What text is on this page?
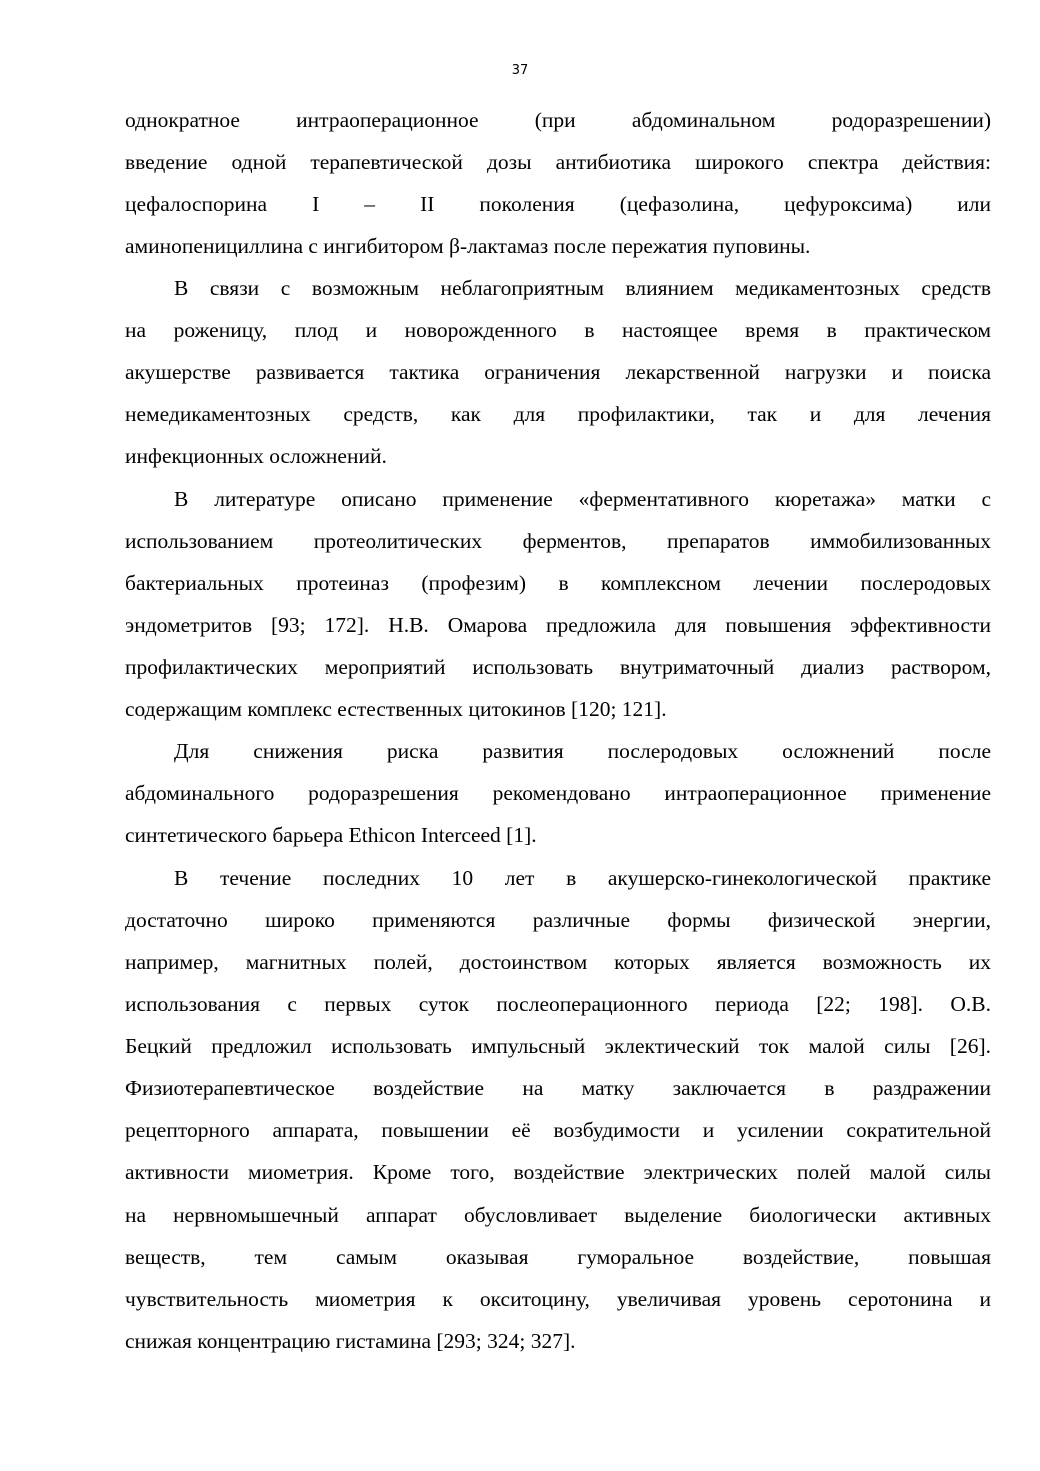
37
однократное интраоперационное (при абдоминальном родоразрешении)
введение одной терапевтической дозы антибиотика широкого спектра действия:
цефалоспорина I – II поколения (цефазолина, цефуроксима) или
аминопенициллина с ингибитором β-лактамаз после пережатия пуповины.
В связи с возможным неблагоприятным влиянием медикаментозных средств
на роженицу, плод и новорожденного в настоящее время в практическом
акушерстве развивается тактика ограничения лекарственной нагрузки и поиска
немедикаментозных средств, как для профилактики, так и для лечения
инфекционных осложнений.
В литературе описано применение «ферментативного кюретажа» матки с
использованием протеолитических ферментов, препаратов иммобилизованных
бактериальных протеиназ (профезим) в комплексном лечении послеродовых
эндометритов [93; 172]. Н.В. Омарова предложила для повышения эффективности
профилактических мероприятий использовать внутриматочный диализ раствором,
содержащим комплекс естественных цитокинов [120; 121].
Для снижения риска развития послеродовых осложнений после
абдоминального родоразрешения рекомендовано интраоперационное применение
синтетического барьера Ethicon Interceed [1].
В течение последних 10 лет в акушерско-гинекологической практике
достаточно широко применяются различные формы физической энергии,
например, магнитных полей, достоинством которых является возможность их
использования с первых суток послеоперационного периода [22; 198]. О.В.
Бецкий предложил использовать импульсный эклектический ток малой силы [26].
Физиотерапевтическое воздействие на матку заключается в раздражении
рецепторного аппарата, повышении её возбудимости и усилении сократительной
активности миометрия. Кроме того, воздействие электрических полей малой силы
на нервномышечный аппарат обусловливает выделение биологически активных
веществ, тем самым оказывая гуморальное воздействие, повышая
чувствительность миометрия к окситоцину, увеличивая уровень серотонина и
снижая концентрацию гистамина [293; 324; 327].
